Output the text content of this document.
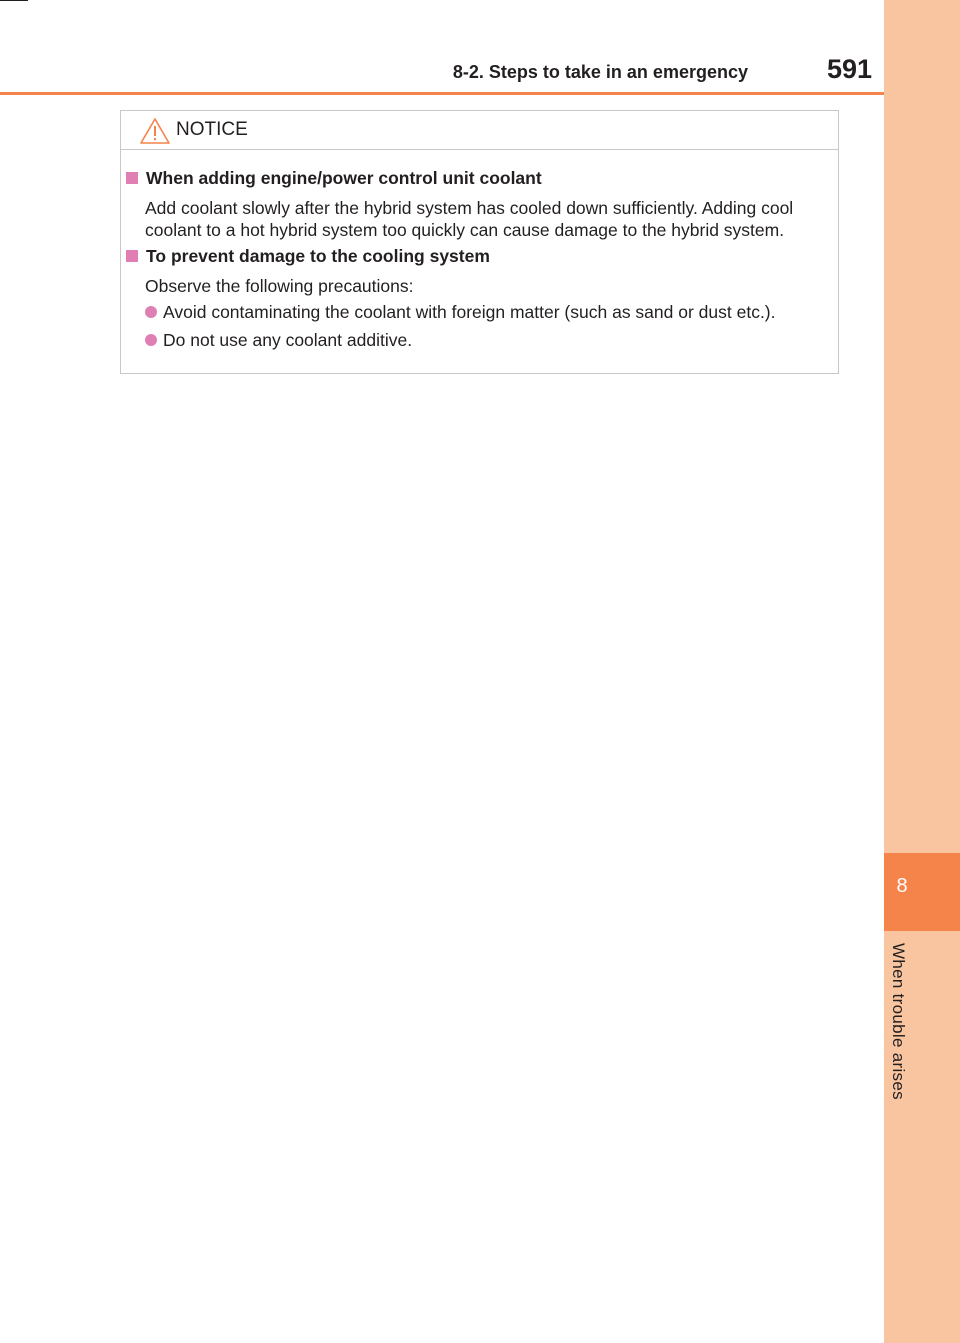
8
When trouble arises
8-2. Steps to take in an emergency	591
NOTICE
When adding engine/power control unit coolant
Add coolant slowly after the hybrid system has cooled down sufficiently. Adding cool coolant to a hot hybrid system too quickly can cause damage to the hybrid system.
To prevent damage to the cooling system
Observe the following precautions:
Avoid contaminating the coolant with foreign matter (such as sand or dust etc.).
Do not use any coolant additive.
